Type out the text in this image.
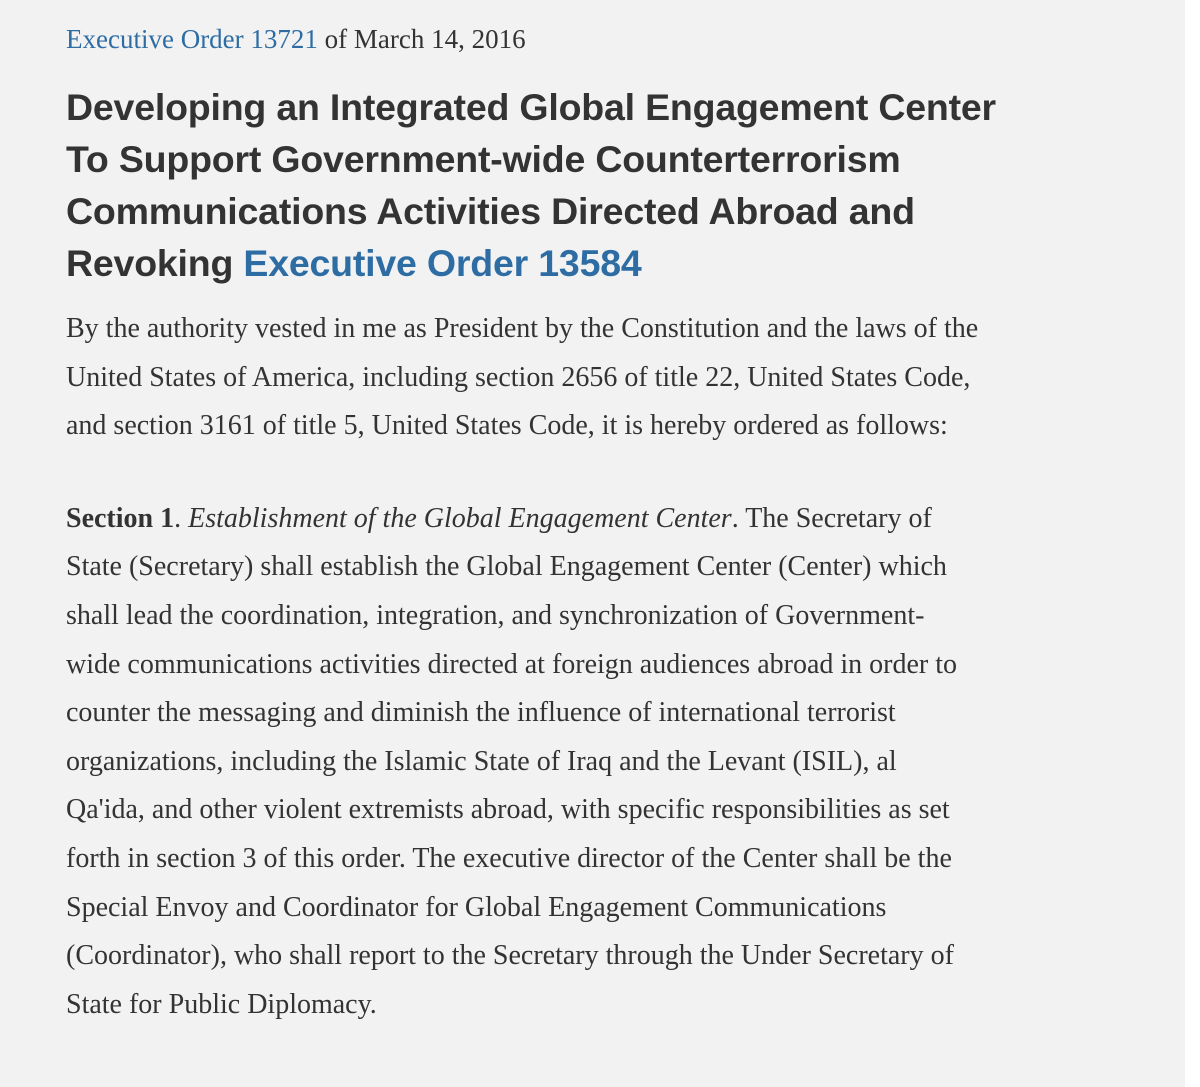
Executive Order 13721 of March 14, 2016

Developing an Integrated Global Engagement Center
To Support Government-wide Counterterrorism
Communications Activities Directed Abroad and
Revoking Executive Order 13584

By the authority vested in me as President by the Constitution and the laws of the
United States of America, including section 2656 of title 22, United States Code,
and section 3161 of title 5, United States Code, it is hereby ordered as follows:

Section 1. Establishment of the Global Engagement Center. The Secretary of
State (Secretary) shall establish the Global Engagement Center (Center) which
shall lead the coordination, integration, and synchronization of Government-
wide communications activities directed at foreign audiences abroad in order to
counter the messaging and diminish the influence of international terrorist
organizations, including the Islamic State of Iraq and the Levant (ISIL), al
Qa'ida, and other violent extremists abroad, with specific responsibilities as set
forth in section 3 of this order. The executive director of the Center shall be the
Special Envoy and Coordinator for Global Engagement Communications
(Coordinator), who shall report to the Secretary through the Under Secretary of
State for Public Diplomacy.
